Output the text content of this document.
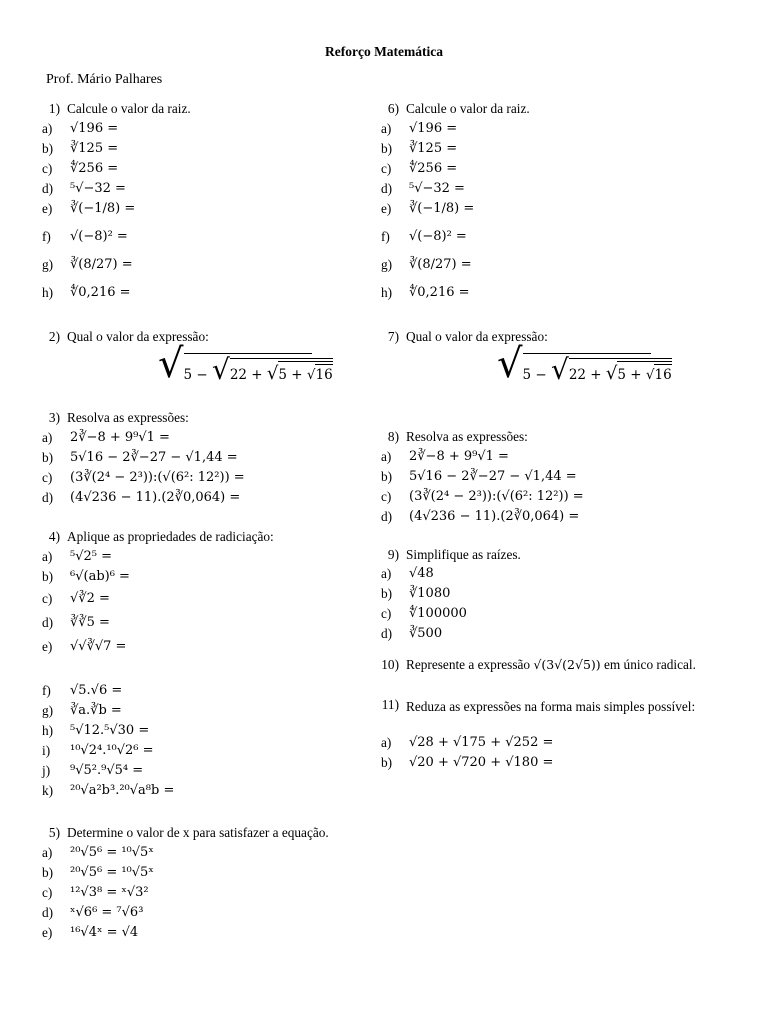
Reforço Matemática
Prof. Mário Palhares
1) Calcule o valor da raiz.
a) √196 =
b) ∛125 =
c) ∜256 =
d) ⁵√−32 =
e) ∛(−1/8) =
f) √(−8)² =
g) ∛(8/27) =
h) ∜0,216 =
2) Qual o valor da expressão:
√5 − √22 + √5 + √16
3) Resolva as expressões:
a) 2∛−8 + 9⁹√1 =
b) 5√16 − 2∛−27 − √1,44 =
c) (3∛(2⁴ − 2³)):(√(6²: 12²)) =
d) (4√236 − 11).(2∛0,064) =
4) Aplique as propriedades de radiciação:
a) ⁵√2⁵ =
b) ⁶√(ab)⁶ =
c) √∛2 =
d) ∛∛5 =
e) √√∛√7 =
f) √5.√6 =
g) ∛a.∛b =
h) ⁵√12.⁵√30 =
i) ¹⁰√2⁴.¹⁰√2⁶ =
j) ⁹√5².⁹√5⁴ =
k) ²⁰√a²b³.²⁰√a⁸b =
5) Determine o valor de x para satisfazer a equação.
a) ²⁰√5⁶ = ¹⁰√5ˣ
b) ²⁰√5⁶ = ¹⁰√5ˣ
c) ¹²√3⁸ = ˣ√3²
d) ˣ√6⁶ = ⁷√6³
e) ¹⁶√4ˣ = √4
6) Calcule o valor da raiz.
a) √196 =
b) ∛125 =
c) ∜256 =
d) ⁵√−32 =
e) ∛(−1/8) =
f) √(−8)² =
g) ∛(8/27) =
h) ∜0,216 =
7) Qual o valor da expressão:
√5 − √22 + √5 + √16
8) Resolva as expressões:
a) 2∛−8 + 9⁹√1 =
b) 5√16 − 2∛−27 − √1,44 =
c) (3∛(2⁴ − 2³)):(√(6²: 12²)) =
d) (4√236 − 11).(2∛0,064) =
9) Simplifique as raízes.
a) √48
b) ∛1080
c) ∜100000
d) ∛500
10) Represente a expressão √(3√(2√5)) em único radical.
11) Reduza as expressões na forma mais simples possível:
a) √28 + √175 + √252 =
b) √20 + √720 + √180 =
